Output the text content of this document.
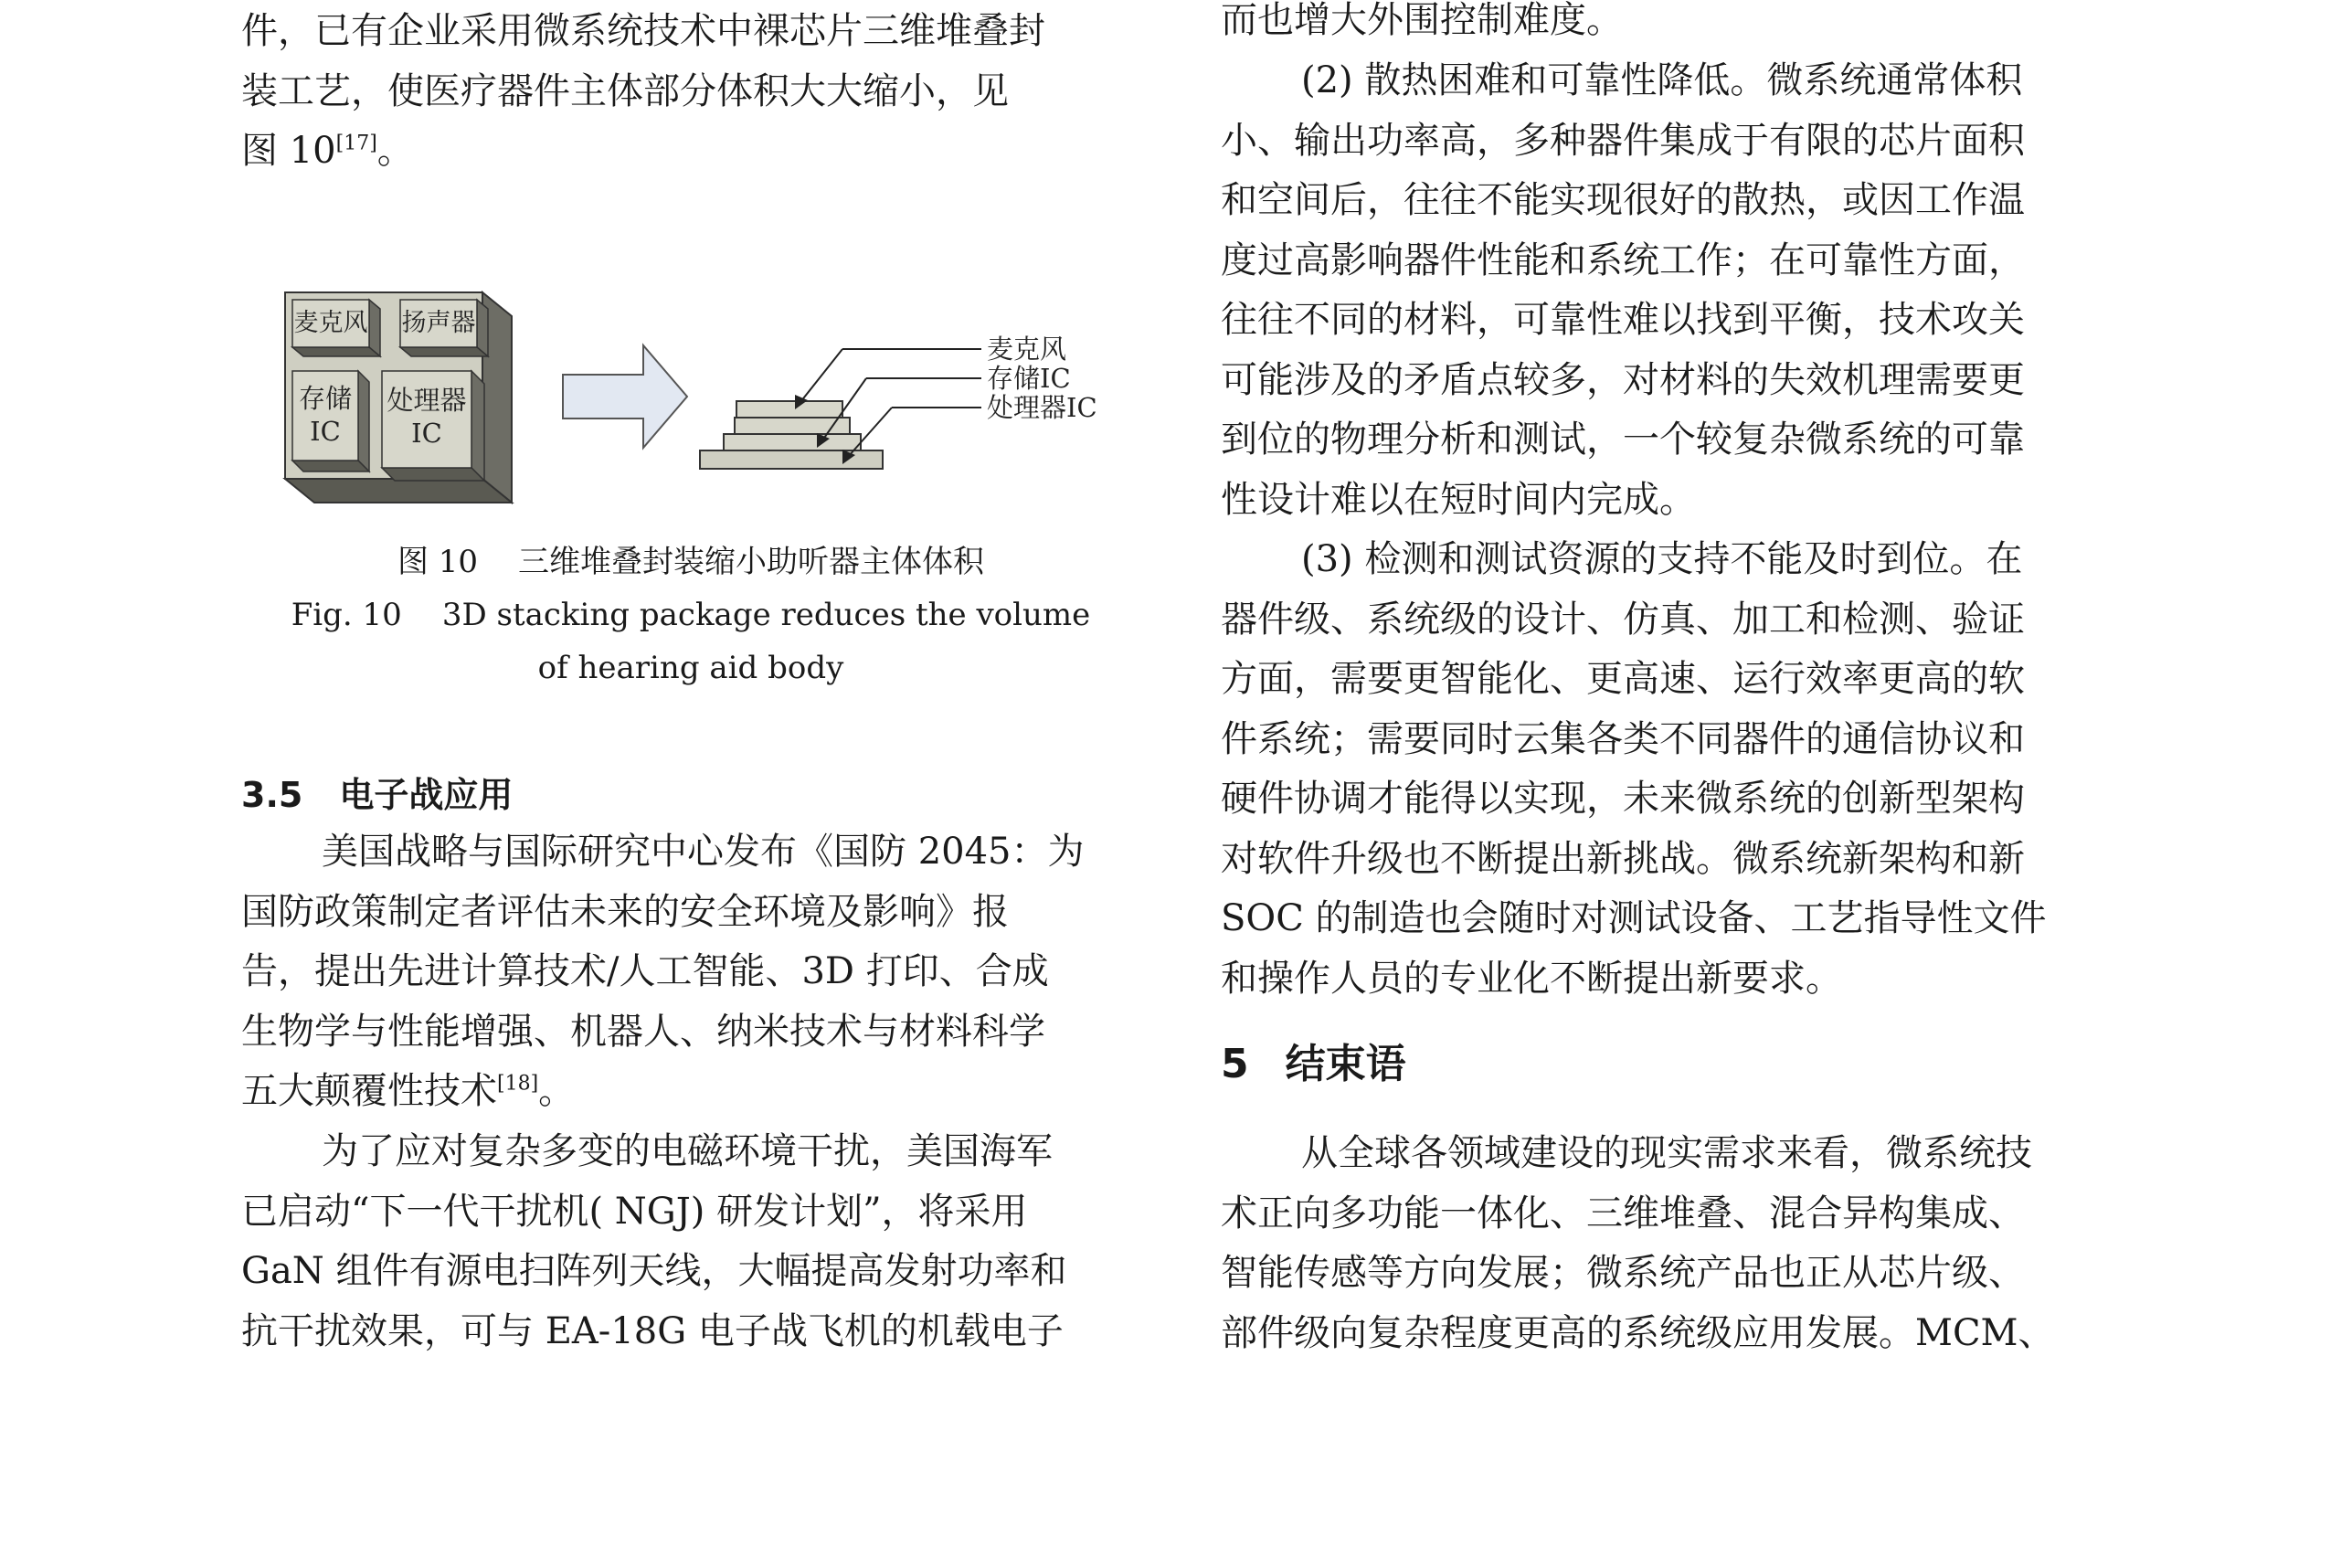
件，已有企业采用微系统技术中裸芯片三维堆叠封
装工艺，使医疗器件主体部分体积大大缩小，见
图 10[17]。

麦克风 扬声器
存储
IC
处理器
IC
麦克风
存储IC
处理器IC

图 10 三维堆叠封装缩小助听器主体体积

Fig. 10 3D stacking package reduces the volume

of hearing aid body

3.5 电子战应用

美国战略与国际研究中心发布《国防 2045：为
国防政策制定者评估未来的安全环境及影响》报
告，提出先进计算技术/人工智能、3D 打印、合成
生物学与性能增强、机器人、纳米技术与材料科学
五大颠覆性技术[18]。

为了应对复杂多变的电磁环境干扰，美国海军
已启动“下一代干扰机( NGJ) 研发计划”，将采用
GaN 组件有源电扫阵列天线，大幅提高发射功率和
抗干扰效果，可与 EA-18G 电子战飞机的机载电子

而也增大外围控制难度。

(2) 散热困难和可靠性降低。微系统通常体积
小、输出功率高，多种器件集成于有限的芯片面积
和空间后，往往不能实现很好的散热，或因工作温
度过高影响器件性能和系统工作；在可靠性方面，
往往不同的材料，可靠性难以找到平衡，技术攻关
可能涉及的矛盾点较多，对材料的失效机理需要更
到位的物理分析和测试，一个较复杂微系统的可靠
性设计难以在短时间内完成。

(3) 检测和测试资源的支持不能及时到位。在
器件级、系统级的设计、仿真、加工和检测、验证
方面，需要更智能化、更高速、运行效率更高的软
件系统；需要同时云集各类不同器件的通信协议和
硬件协调才能得以实现，未来微系统的创新型架构
对软件升级也不断提出新挑战。微系统新架构和新
SOC 的制造也会随时对测试设备、工艺指导性文件
和操作人员的专业化不断提出新要求。

5 结束语

从全球各领域建设的现实需求来看，微系统技
术正向多功能一体化、三维堆叠、混合异构集成、
智能传感等方向发展；微系统产品也正从芯片级、
部件级向复杂程度更高的系统级应用发展。MCM、
